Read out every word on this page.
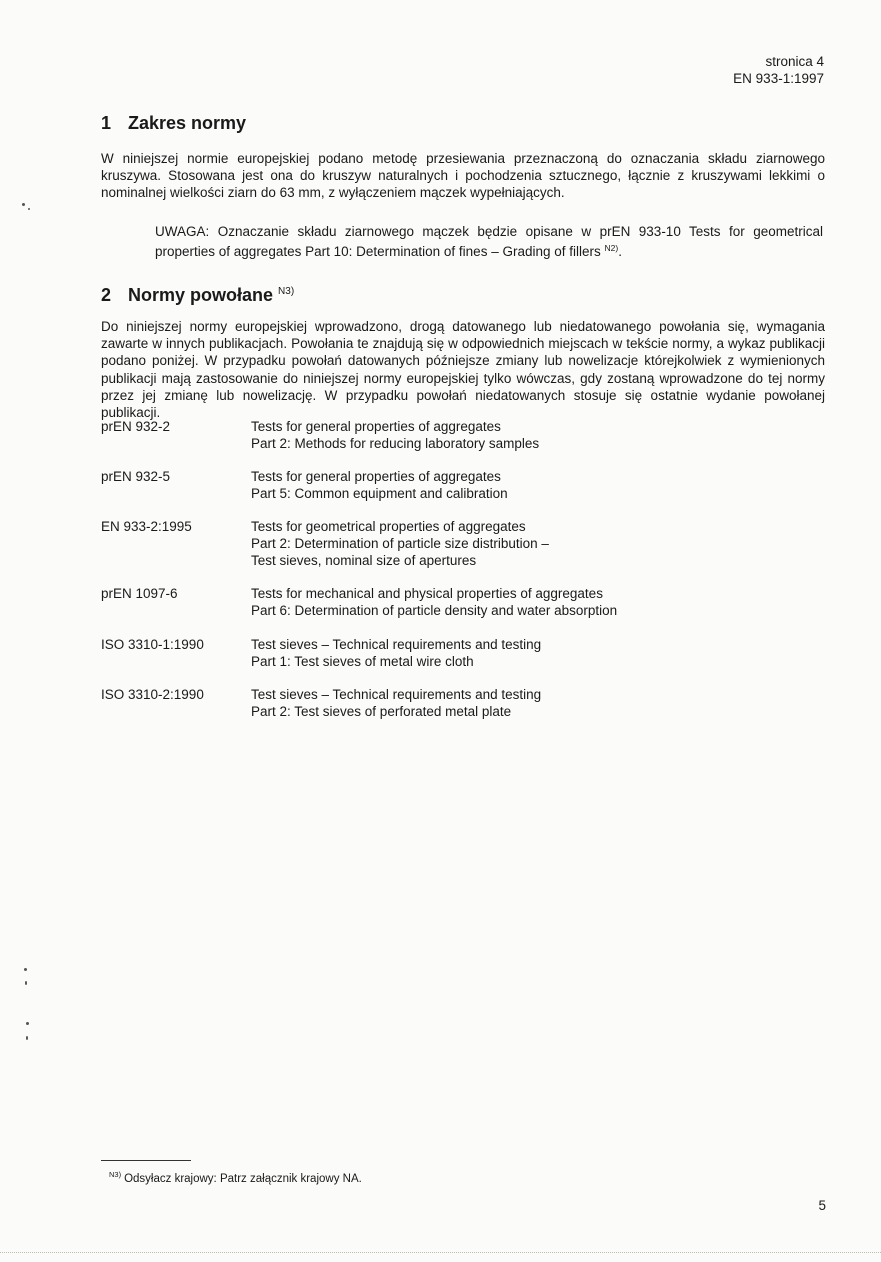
stronica 4
EN 933-1:1997
1 Zakres normy

W niniejszej normie europejskiej podano metodę przesiewania przeznaczoną do oznaczania składu ziarnowego kruszywa. Stosowana jest ona do kruszyw naturalnych i pochodzenia sztucznego, łącznie z kruszywami lekkimi o nominalnej wielkości ziarn do 63 mm, z wyłączeniem mączek wypełniających.

UWAGA: Oznaczanie składu ziarnowego mączek będzie opisane w prEN 933-10 Tests for geometrical properties of aggregates Part 10: Determination of fines – Grading of fillers $^{N2)}$.

2 Normy powołane $^{N3)}$

Do niniejszej normy europejskiej wprowadzono, drogą datowanego lub niedatowanego powołania się, wymagania zawarte w innych publikacjach. Powołania te znajdują się w odpowiednich miejscach w tekście normy, a wykaz publikacji podano poniżej. W przypadku powołań datowanych późniejsze zmiany lub nowelizacje którejkolwiek z wymienionych publikacji mają zastosowanie do niniejszej normy europejskiej tylko wówczas, gdy zostaną wprowadzone do tej normy przez jej zmianę lub nowelizację. W przypadku powołań niedatowanych stosuje się ostatnie wydanie powołanej publikacji.

prEN 932-2	Tests for general properties of aggregates
Part 2: Methods for reducing laboratory samples
prEN 932-5	Tests for general properties of aggregates
Part 5: Common equipment and calibration
EN 933-2:1995	Tests for geometrical properties of aggregates
Part 2: Determination of particle size distribution –
Test sieves, nominal size of apertures
prEN 1097-6	Tests for mechanical and physical properties of aggregates
Part 6: Determination of particle density and water absorption
ISO 3310-1:1990	Test sieves – Technical requirements and testing
Part 1: Test sieves of metal wire cloth
ISO 3310-2:1990	Test sieves – Technical requirements and testing
Part 2: Test sieves of perforated metal plate
$^{N3)}$ Odsyłacz krajowy: Patrz załącznik krajowy NA.
5
